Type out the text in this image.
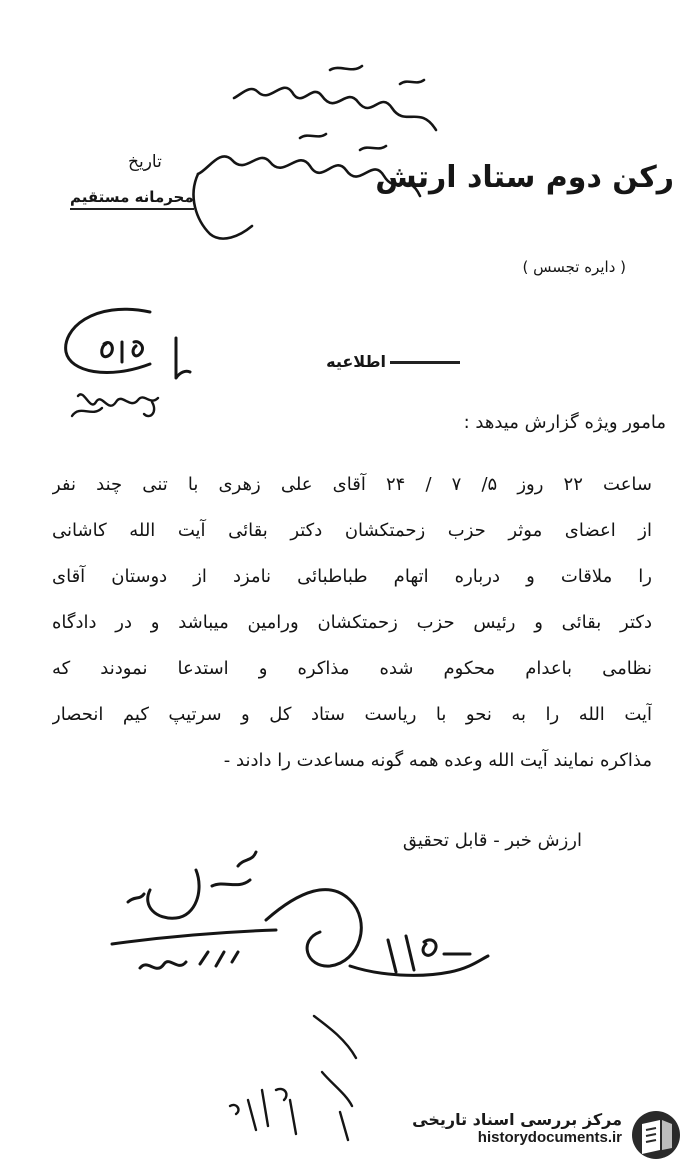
رکن دوم ستاد ارتش
تاریخ
محرمانه مستقیم
( دایره تجسس )
اطلاعیه
مامور ویژه گزارش میدهد :
ساعت ۲۲ روز ۵/ ۷ / ۲۴ آقای علی زهری با تنی چند نفر
از اعضای موثر حزب زحمتکشان دکتر بقائی آیت الله کاشانی
را ملاقات و درباره اتهام طباطبائی نامزد از دوستان آقای
دکتر بقائی و رئیس حزب زحمتکشان ورامین میباشد و در دادگاه
نظامی باعدام محکوم شده مذاکره و استدعا نمودند که
آیت الله را به نحو با ریاست ستاد کل و سرتیپ کیم انحصار
مذاکره نمایند آیت الله وعده همه گونه مساعدت را دادند -
ارزش خبر - قابل تحقیق
مرکز بررسی اسناد تاریخی
historydocuments.ir
